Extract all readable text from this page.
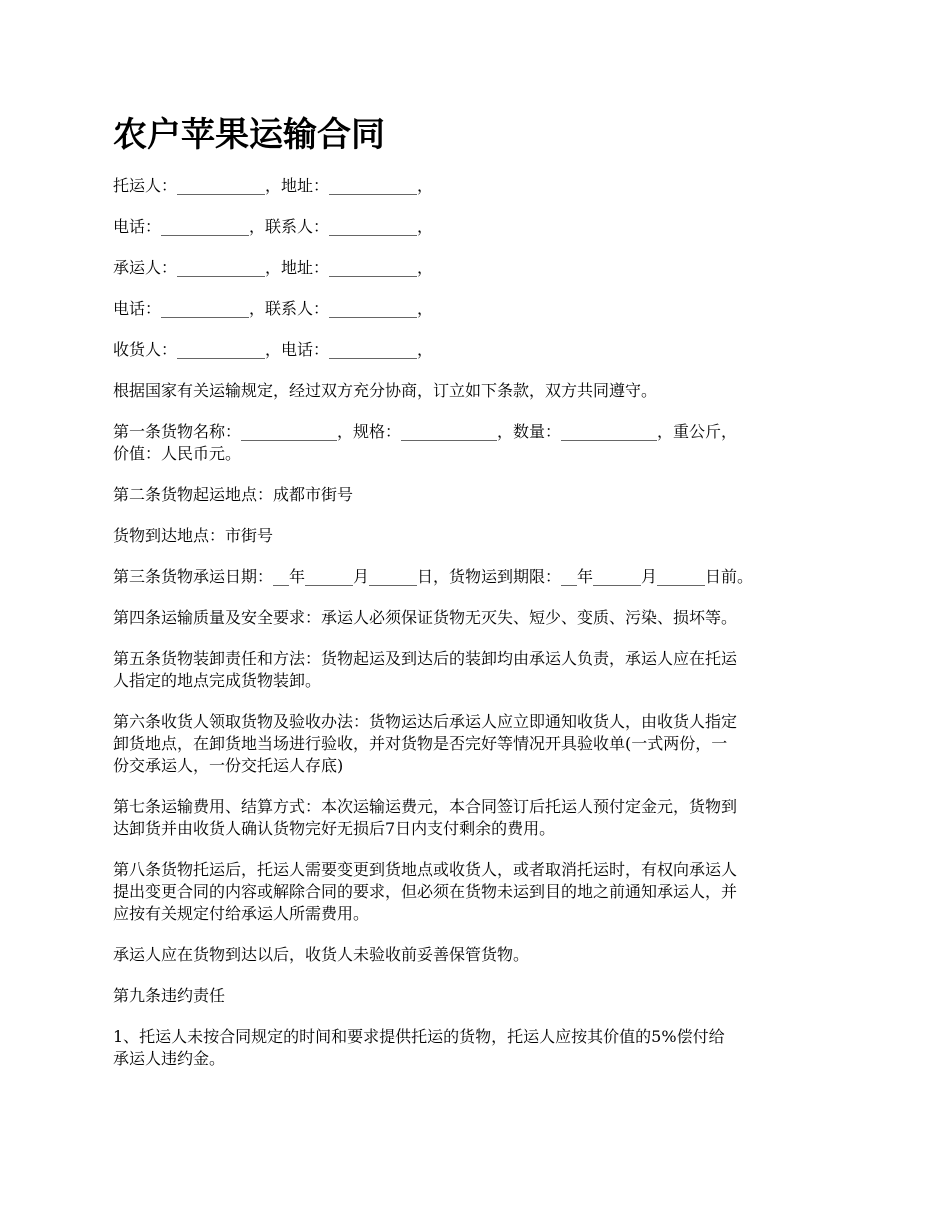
农户苹果运输合同

托运人：___________，地址：___________，

电话：___________，联系人：___________，

承运人：___________，地址：___________，

电话：___________，联系人：___________，

收货人：___________，电话：___________，

根据国家有关运输规定，经过双方充分协商，订立如下条款，双方共同遵守。

第一条货物名称：____________，规格：____________，数量：____________，重公斤，
价值：人民币元。

第二条货物起运地点：成都市街号

货物到达地点：市街号

第三条货物承运日期：__年______月______日，货物运到期限：__年______月______日前。

第四条运输质量及安全要求：承运人必须保证货物无灭失、短少、变质、污染、损坏等。

第五条货物装卸责任和方法：货物起运及到达后的装卸均由承运人负责，承运人应在托运
人指定的地点完成货物装卸。

第六条收货人领取货物及验收办法：货物运达后承运人应立即通知收货人，由收货人指定
卸货地点，在卸货地当场进行验收，并对货物是否完好等情况开具验收单(一式两份，一
份交承运人，一份交托运人存底)

第七条运输费用、结算方式：本次运输运费元，本合同签订后托运人预付定金元，货物到
达卸货并由收货人确认货物完好无损后7日内支付剩余的费用。

第八条货物托运后，托运人需要变更到货地点或收货人，或者取消托运时，有权向承运人
提出变更合同的内容或解除合同的要求，但必须在货物未运到目的地之前通知承运人，并
应按有关规定付给承运人所需费用。

承运人应在货物到达以后，收货人未验收前妥善保管货物。

第九条违约责任

1、托运人未按合同规定的时间和要求提供托运的货物，托运人应按其价值的5%偿付给
承运人违约金。
